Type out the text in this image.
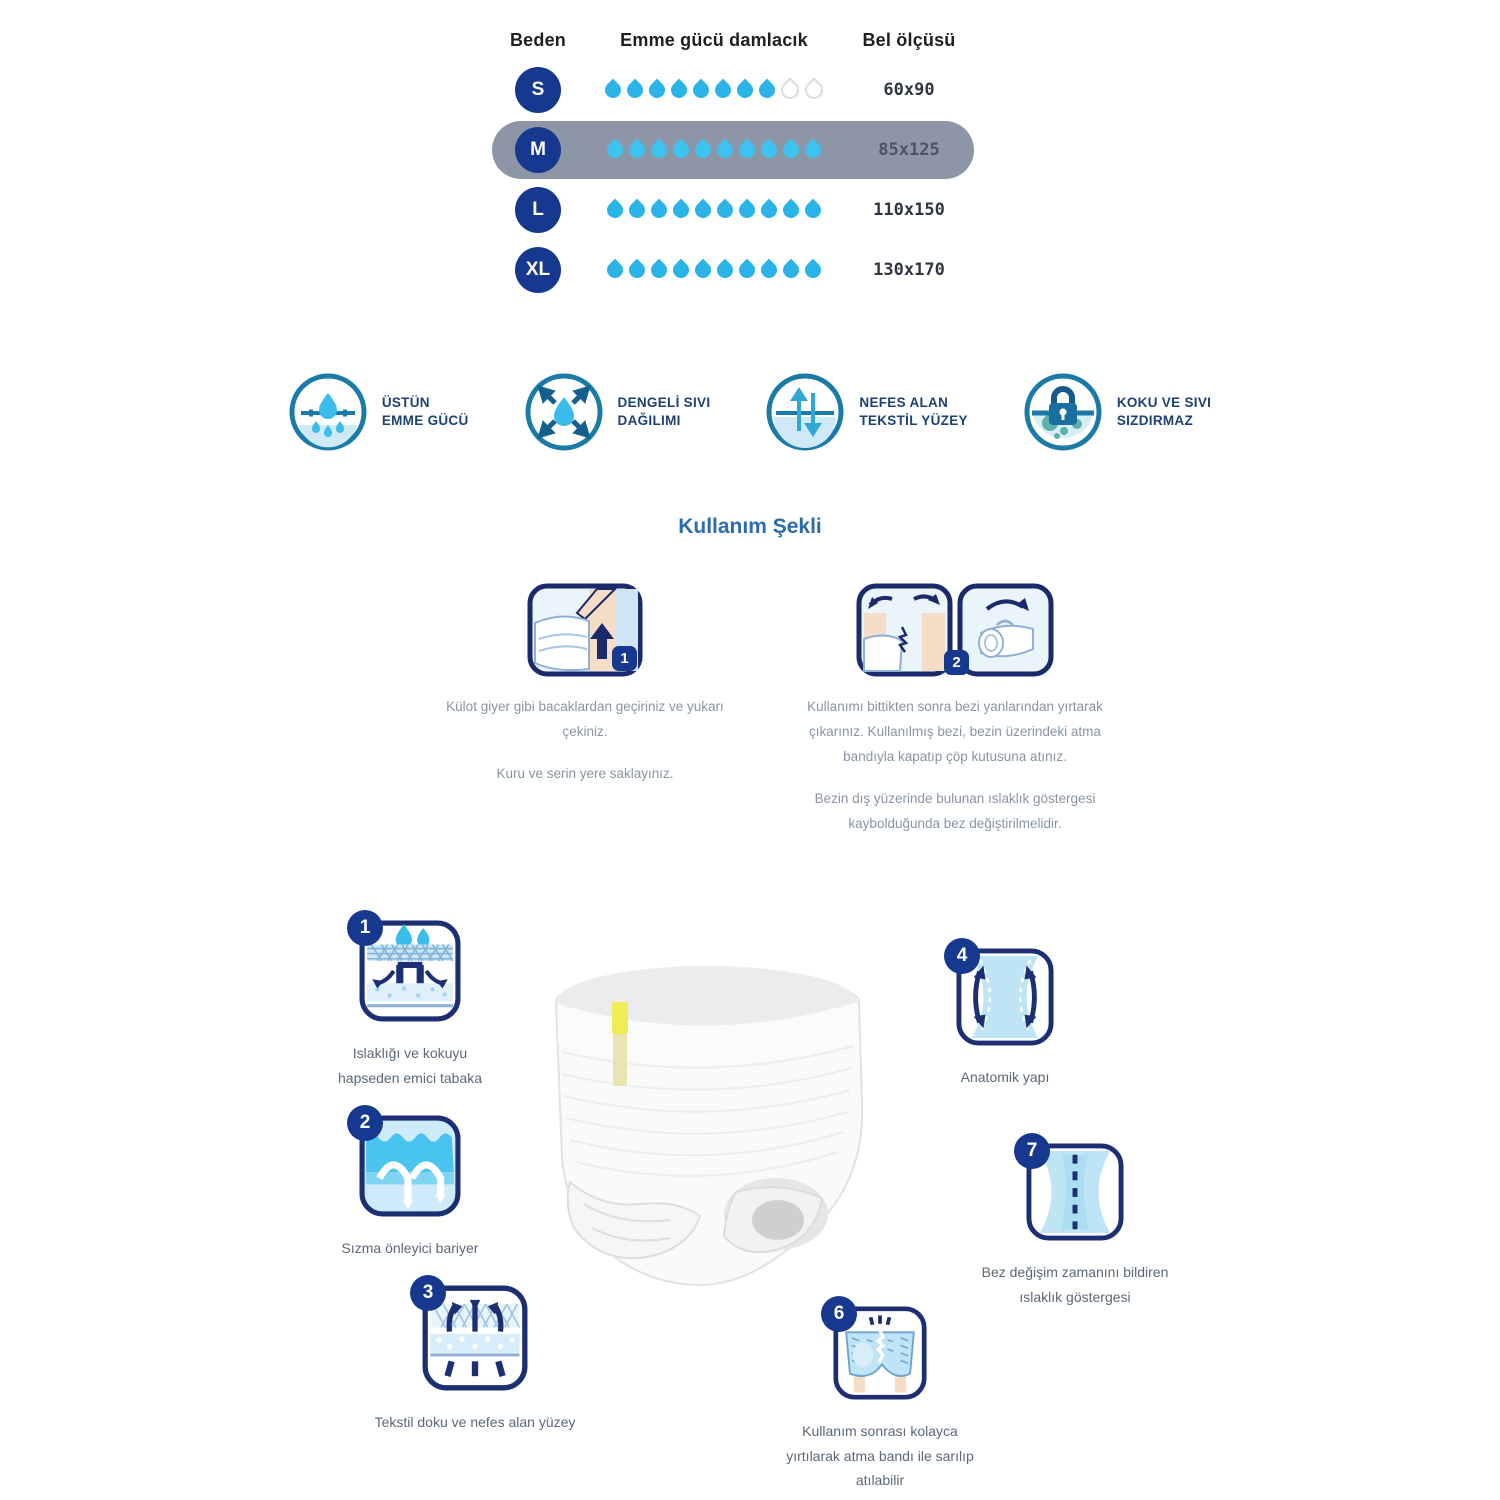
Beden	Emme gücü damlacık	Bel ölçüsü
S	60x90
M	85x125
L	110x150
XL	130x170
ÜSTÜN
EMME GÜCÜ
DENGELİ SIVI
DAĞILIMI
NEFES ALAN
TEKSTİL YÜZEY
KOKU VE SIVI
SIZDIRMAZ
Kullanım Şekli
1

Külot giyer gibi bacaklardan geçiriniz ve yukarı çekiniz.

Kuru ve serin yere saklayınız.

2

Kullanımı bittikten sonra bezi yanlarından yırtarak çıkarınız. Kullanılmış bezi, bezin üzerindeki atma bandıyla kapatıp çöp kutusuna atınız.

Bezin dış yüzerinde bulunan ıslaklık göstergesi kaybolduğunda bez değiştirilmelidir.

1
Islaklığı ve kokuyu hapseden emici tabaka
2
Sızma önleyici bariyer
3
Tekstil doku ve nefes alan yüzey
4
Anatomik yapı
7
Bez değişim zamanını bildiren ıslaklık göstergesi
6
Kullanım sonrası kolayca yırtılarak atma bandı ile sarılıp atılabilir
